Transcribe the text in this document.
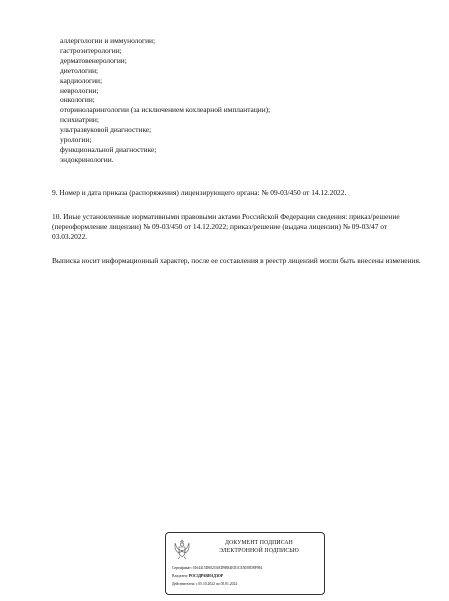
аллергологии и иммунологии;
гастроэнтерологии;
дерматовенерологии;
диетологии;
кардиологии;
неврологии;
онкологии;
оториноларингологии (за исключением кохлеарной имплантации);
психиатрии;
ультразвуковой диагностике;
урологии;
функциональной диагностике;
эндокринологии.

9. Номер и дата приказа (распоряжения) лицензирующего органа: № 09-03/450 от 14.12.2022.

10. Иные установленные нормативными правовыми актами Российской Федерации сведения: приказ/решение (переоформление лицензии) № 09-03/450 от 14.12.2022; приказ/решение (выдача лицензии) № 09-03/47 от 03.03.2022.

Выписка носит информационный характер, после ее составления в реестр лицензий могли быть внесены изменения.

ДОКУМЕНТ ПОДПИСАН
ЭЛЕКТРОННОЙ ПОДПИСЬЮ
Сертификат: 0164415D0025AED9B84ED1CE5058D8F984
Владелец: РОСЗДРАВНАДЗОР
Действителен: с 05.10.2022 по 05.01.2024
